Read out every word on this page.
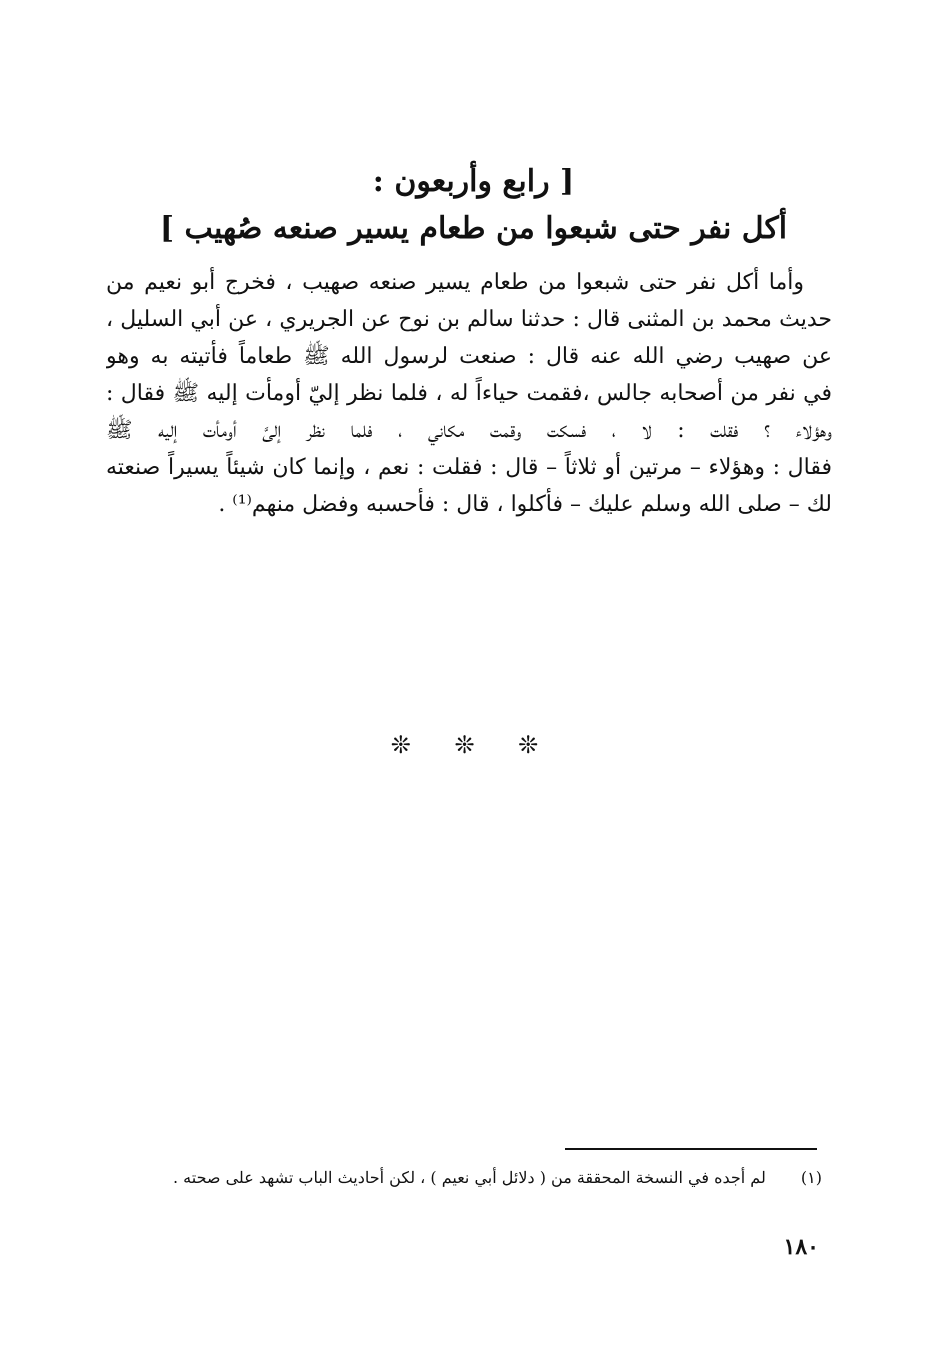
[ رابع وأربعون :
أكل نفر حتى شبعوا من طعام يسير صنعه صُهيب ]
وأما أكل نفر حتى شبعوا من طعام يسير صنعه صهيب ، فخرج أبو نعيم من
حديث محمد بن المثنى قال : حدثنا سالم بن نوح عن الجريري ، عن أبي السليل ،
عن صهيب رضي الله عنه قال : صنعت لرسول الله ﷺ طعاماً فأتيته به وهو
في نفر من أصحابه جالس ،فقمت حياءاً له ، فلما نظر إليّ أومأت إليه ﷺ فقال :
وهؤلاء ؟ فقلت : لا ، فسكت وقمت مكاني ، فلما نظر إلىَّ أومأت إليه ﷺ
فقال : وهؤلاء – مرتين أو ثلاثاً – قال : فقلت : نعم ، وإنما كان شيئاً يسيراً صنعته
لك – صلى الله وسلم عليك – فأكلوا ، قال : فأحسبه وفضل منهم⁽¹⁾ .
❊ ❊ ❊
(١) لم أجده في النسخة المحققة من ( دلائل أبي نعيم ) ، لكن أحاديث الباب تشهد على صحته .
١٨٠
